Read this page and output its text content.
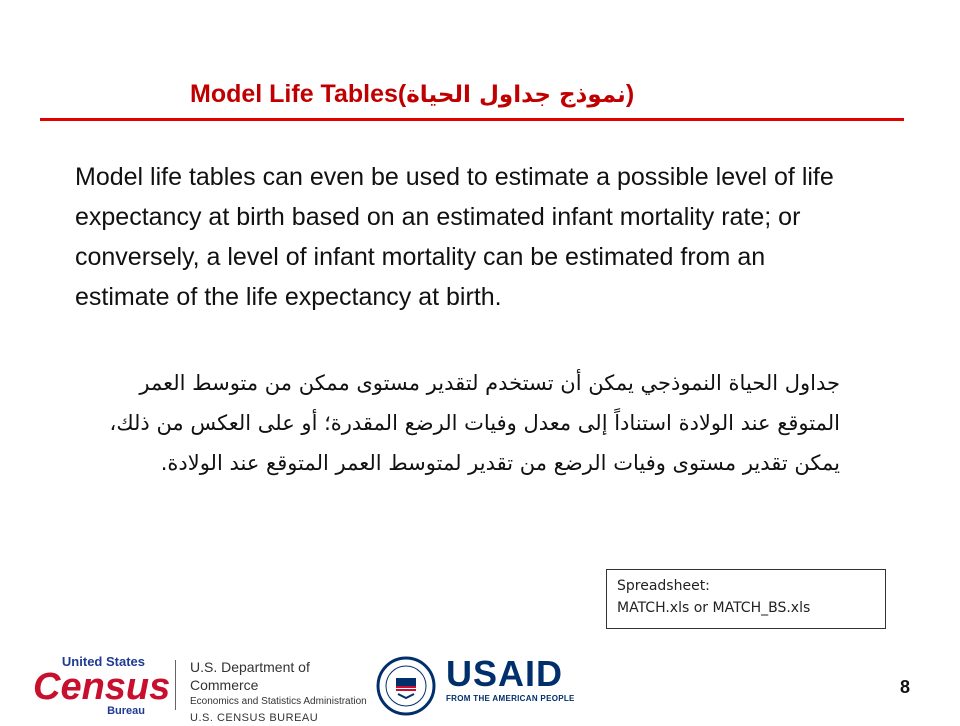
Model Life Tables(نموذج جداول الحياة)
Model life tables can even be used to estimate a possible level of life expectancy at birth based on an estimated infant mortality rate; or conversely, a level of infant mortality can be estimated from an estimate of the life expectancy at birth.
جداول الحياة النموذجي يمكن أن تستخدم لتقدير مستوى ممكن من متوسط العمر المتوقع عند الولادة استناداً إلى معدل وفيات الرضع المقدرة؛ أو على العكس من ذلك، يمكن تقدير مستوى وفيات الرضع من تقدير لمتوسط العمر المتوقع عند الولادة.
Spreadsheet:
MATCH.xls or MATCH_BS.xls
United States
Census
Bureau
U.S. Department of Commerce
Economics and Statistics Administration
U.S. CENSUS BUREAU
USAID
FROM THE AMERICAN PEOPLE
8
